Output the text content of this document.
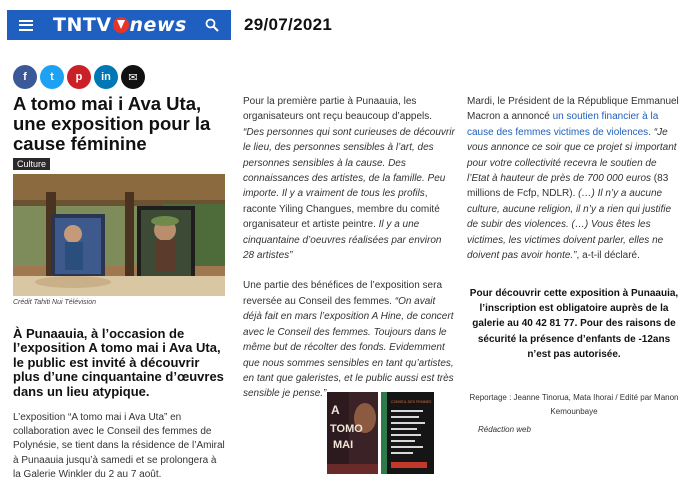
TNTV news	29/07/2021
f t p in ✉
A tomo mai i Ava Uta, une exposition pour la cause féminine
Culture
Crédit Tahiti Nui Télévision

À Punaauia, à l’occasion de l’exposition A tomo mai i Ava Uta, le public est invité à découvrir plus d’une cinquantaine d’œuvres dans un lieu atypique.

L’exposition “A tomo mai i Ava Uta” en collaboration avec le Conseil des femmes de Polynésie, se tient dans la résidence de l’Amiral à Punaauia jusqu’à samedi et se prolongera à la Galerie Winkler du 2 au 7 août.

Pour la première partie à Punaauia, les organisateurs ont reçu beaucoup d’appels. “Des personnes qui sont curieuses de découvrir le lieu, des personnes sensibles à l’art, des personnes sensibles à la cause. Des connaissances des artistes, de la famille. Peu importe. Il y a vraiment de tous les profils, raconte Yiling Changues, membre du comité organisateur et artiste peintre. Il y a une cinquantaine d’oeuvres réalisées par environ 28 artistes”

Une partie des bénéfices de l’exposition sera reversée au Conseil des femmes. “On avait déjà fait en mars l’exposition A Hine, de concert avec le Conseil des femmes. Toujours dans le même but de récolter des fonds. Evidemment que nous sommes sensibles en tant qu’artistes, en tant que galeristes, et le public aussi est très sensible je pense.”

A
TOMO
MAI
CONSEIL DES FEMMES

Mardi, le Président de la République Emmanuel Macron a annoncé un soutien financier à la cause des femmes victimes de violences. “Je vous annonce ce soir que ce projet si important pour votre collectivité recevra le soutien de l’Etat à hauteur de près de 700 000 euros (83 millions de Fcfp, NDLR). (…) Il n’y a aucune culture, aucune religion, il n’y a rien qui justifie de subir des violences. (…) Vous êtes les victimes, les victimes doivent parler, elles ne doivent pas avoir honte.”, a-t-il déclaré.

Pour découvrir cette exposition à Punaauia, l’inscription est obligatoire auprès de la galerie au 40 42 81 77. Pour des raisons de sécurité la présence d’enfants de -12ans n’est pas autorisée.

Reportage : Jeanne Tinorua, Mata Ihorai / Edité par Manon Kemounbaye

Rédaction web
